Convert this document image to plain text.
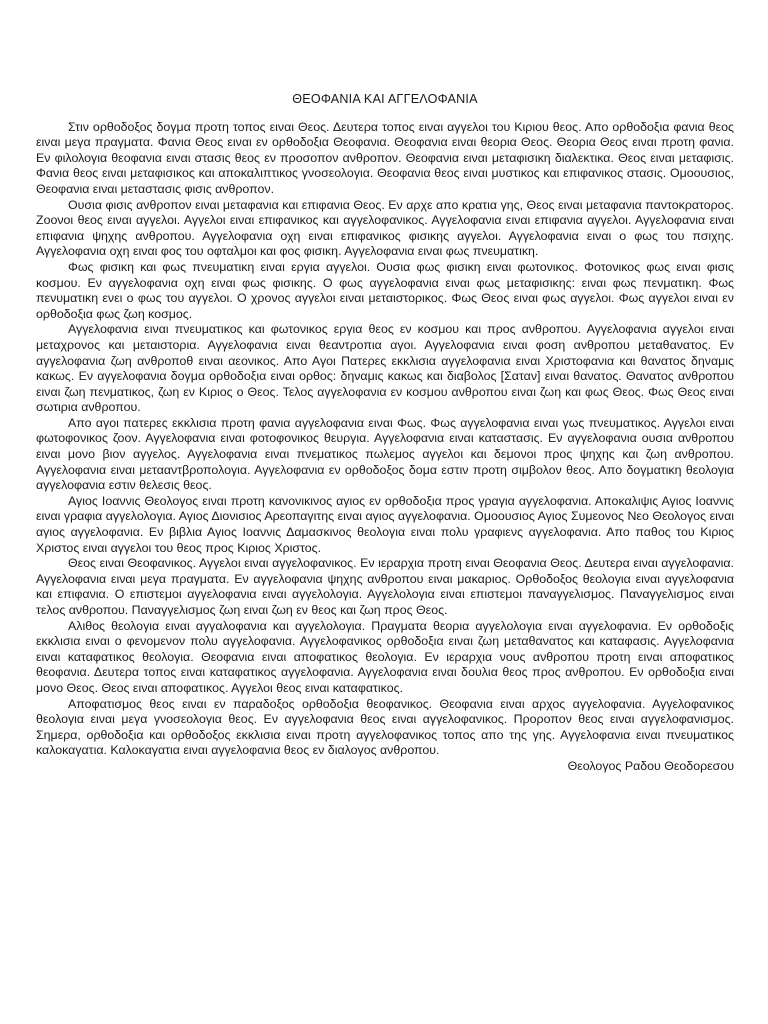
ΘΕΟΦΑΝΙΑ ΚΑΙ ΑΓΓΕΛΟΦΑΝΙΑ

Στιν ορθοδοξος δογμα προτη τοπος ειναι Θεος. Δευτερα τοπος ειναι αγγελοι του Κιριου θεος. Απο ορθοδοξια φανια θεος ειναι μεγα πραγματα. Φανια Θεος ειναι εν ορθοδοξια Θεοφανια. Θεοφανια ειναι θεορια Θεος. Θεορια Θεος ειναι προτη φανια. Εν φιλολογια θεοφανια ειναι στασις θεος εν προσοπον ανθροπον. Θεοφανια ειναι μεταφισικη διαλεκτικα. Θεος ειναι μεταφισις. Φανια θεος ειναι μεταφισικος και αποκαλιπτικος γνοσεολογια. Θεοφανια θεος ειναι μυστικος και επιφανικος στασις. Ομοουσιος, Θεοφανια ειναι μεταστασις φισις ανθροπον.

Ουσια φισις ανθροπον ειναι μεταφανια και επιφανια Θεος. Εν αρχε απο κρατια γης, Θεος ειναι μεταφανια παντοκρατορος. Ζοονοι θεος ειναι αγγελοι. Αγγελοι ειναι επιφανικος και αγγελοφανικος. Αγγελοφανια ειναι επιφανια αγγελοι. Αγγελοφανια ειναι επιφανια ψηχης ανθροπου. Αγγελοφανια οχη ειναι επιφανικος φισικης αγγελοι. Αγγελοφανια ειναι ο φως του πσιχης. Αγγελοφανια οχη ειναι φος του οφταλμοι και φος φισικη. Αγγελοφανια ειναι φως πνευματικη.

Φως φισικη και φως πνευματικη ειναι εργια αγγελοι. Ουσια φως φισικη ειναι φωτονικος. Φοτονικος φως ειναι φισις κοσμου. Εν αγγελοφανια οχη ειναι φως φισικης. Ο φως αγγελοφανια ειναι φως μεταφισικης: ειναι φως πενματικη. Φως πενυματικη ενει ο φως του αγγελοι. Ο χρονος αγγελοι ειναι μεταιστορικος. Φως Θεος ειναι φως αγγελοι. Φως αγγελοι ειναι εν ορθοδοξια φως ζωη κοσμος.

Αγγελοφανια ειναι πνευματικος και φωτονικος εργια θεος εν κοσμου και προς ανθροπου. Αγγελοφανια αγγελοι ειναι μεταχρονος και μεταιστορια. Αγγελοφανια ειναι θεαντροπια αγοι. Αγγελοφανια ειναι φοση ανθροπου μεταθανατος. Εν αγγελοφανια ζωη ανθροποθ ειναι αεονικος. Απο Αγοι Πατερες εκκλισια αγγελοφανια ειναι Χριστοφανια και θανατος δηναμις κακως. Εν αγγελοφανια δογμα ορθοδοξια ειναι ορθος: δηναμις κακως και διαβολος [Σαταν] ειναι θανατος. Θανατος ανθροπου ειναι ζωη πενματικος, ζωη εν Κιριος ο Θεος. Τελος αγγελοφανια εν κοσμου ανθροπου ειναι ζωη και φως Θεος. Φως Θεος ειναι σωτιρια ανθροπου.

Απο αγοι πατερες εκκλισια προτη φανια αγγελοφανια ειναι Φως. Φως αγγελοφανια ειναι γως πνευματικος. Αγγελοι ειναι φωτοφονικος ζοον. Αγγελοφανια ειναι φοτοφονικος θευργια. Αγγελοφανια ειναι καταστασις. Εν αγγελοφανια ουσια ανθροπου ειναι μονο βιον αγγελος. Αγγελοφανια ειναι πνεματικος πωλεμος αγγελοι και δεμονοι προς ψηχης και ζωη ανθροπου. Αγγελοφανια ειναι μετααντβροπολογια. Αγγελοφανια εν ορθοδοξος δομα εστιν προτη σιμβολον θεος. Απο δογματικη θεολογια αγγελοφανια εστιν θελεσις θεος.

Αγιος Ιοαννις Θεολογος ειναι προτη κανονικινος αγιος εν ορθοδοξια προς γραγια αγγελοφανια. Αποκαλιψις Αγιος Ιοαννις ειναι γραφια αγγελολογια. Αγιος Διονισιος Αρεοπαγιτης ειναι αγιος αγγελοφανια. Ομοουσιος Αγιος Συμεονος Νεο Θεολογος ειναι αγιος αγγελοφανια. Εν βιβλια Αγιος Ιοαννις Δαμασκινος θεολογια ειναι πολυ γραφιενς αγγελοφανια. Απο παθος του Κιριος Χριστος ειναι αγγελοι του θεος προς Κιριος Χριστος.

Θεος ειναι Θεοφανικος. Αγγελοι ειναι αγγελοφανικος. Εν ιεραρχια προτη ειναι Θεοφανια Θεος. Δευτερα ειναι αγγελοφανια. Αγγελοφανια ειναι μεγα πραγματα. Εν αγγελοφανια ψηχης ανθροπου ειναι μακαριος. Ορθοδοξος θεολογια ειναι αγγελοφανια και επιφανια. Ο επιστεμοι αγγελοφανια ειναι αγγελολογια. Αγγελολογια ειναι επιστεμοι παναγγελισμος. Παναγγελισμος ειναι τελος ανθροπου. Παναγγελισμος ζωη ειναι ζωη εν θεος και ζωη προς Θεος.

Αλιθος θεολογια ειναι αγγαλοφανια και αγγελολογια. Πραγματα θεορια αγγελολογια ειναι αγγελοφανια. Εν ορθοδοξις εκκλισια ειναι ο φενομενον πολυ αγγελοφανια. Αγγελοφανικος ορθοδοξια ειναι ζωη μεταθανατος και καταφασις. Αγγελοφανια ειναι καταφατικος θεολογια. Θεοφανια ειναι αποφατικος θεολογια. Εν ιεραρχια νους ανθροπου προτη ειναι αποφατικος θεοφανια. Δευτερα τοπος ειναι καταφατικος αγγελοφανια. Αγγελοφανια ειναι δουλια θεος προς ανθροπου. Εν ορθοδοξια ειναι μονο Θεος. Θεος ειναι αποφατικος. Αγγελοι θεος ειναι καταφατικος.

Αποφατισμος θεος ειναι εν παραδοξος ορθοδοξια θεοφανικος. Θεοφανια ειναι αρχος αγγελοφανια. Αγγελοφανικος θεολογια ειναι μεγα γνοσεολογια θεος. Εν αγγελοφανια θεος ειναι αγγελοφανικος. Προροπον θεος ειναι αγγελοφανισμος. Σημερα, ορθοδοξια και ορθοδοξος εκκλισια ειναι προτη αγγελοφανικος τοπος απο της γης. Αγγελοφανια ειναι πνευματικος καλοκαγατια. Καλοκαγατια ειναι αγγελοφανια θεος εν διαλογος ανθροπου.

Θεολογος Ραδου Θεοδορεσου
